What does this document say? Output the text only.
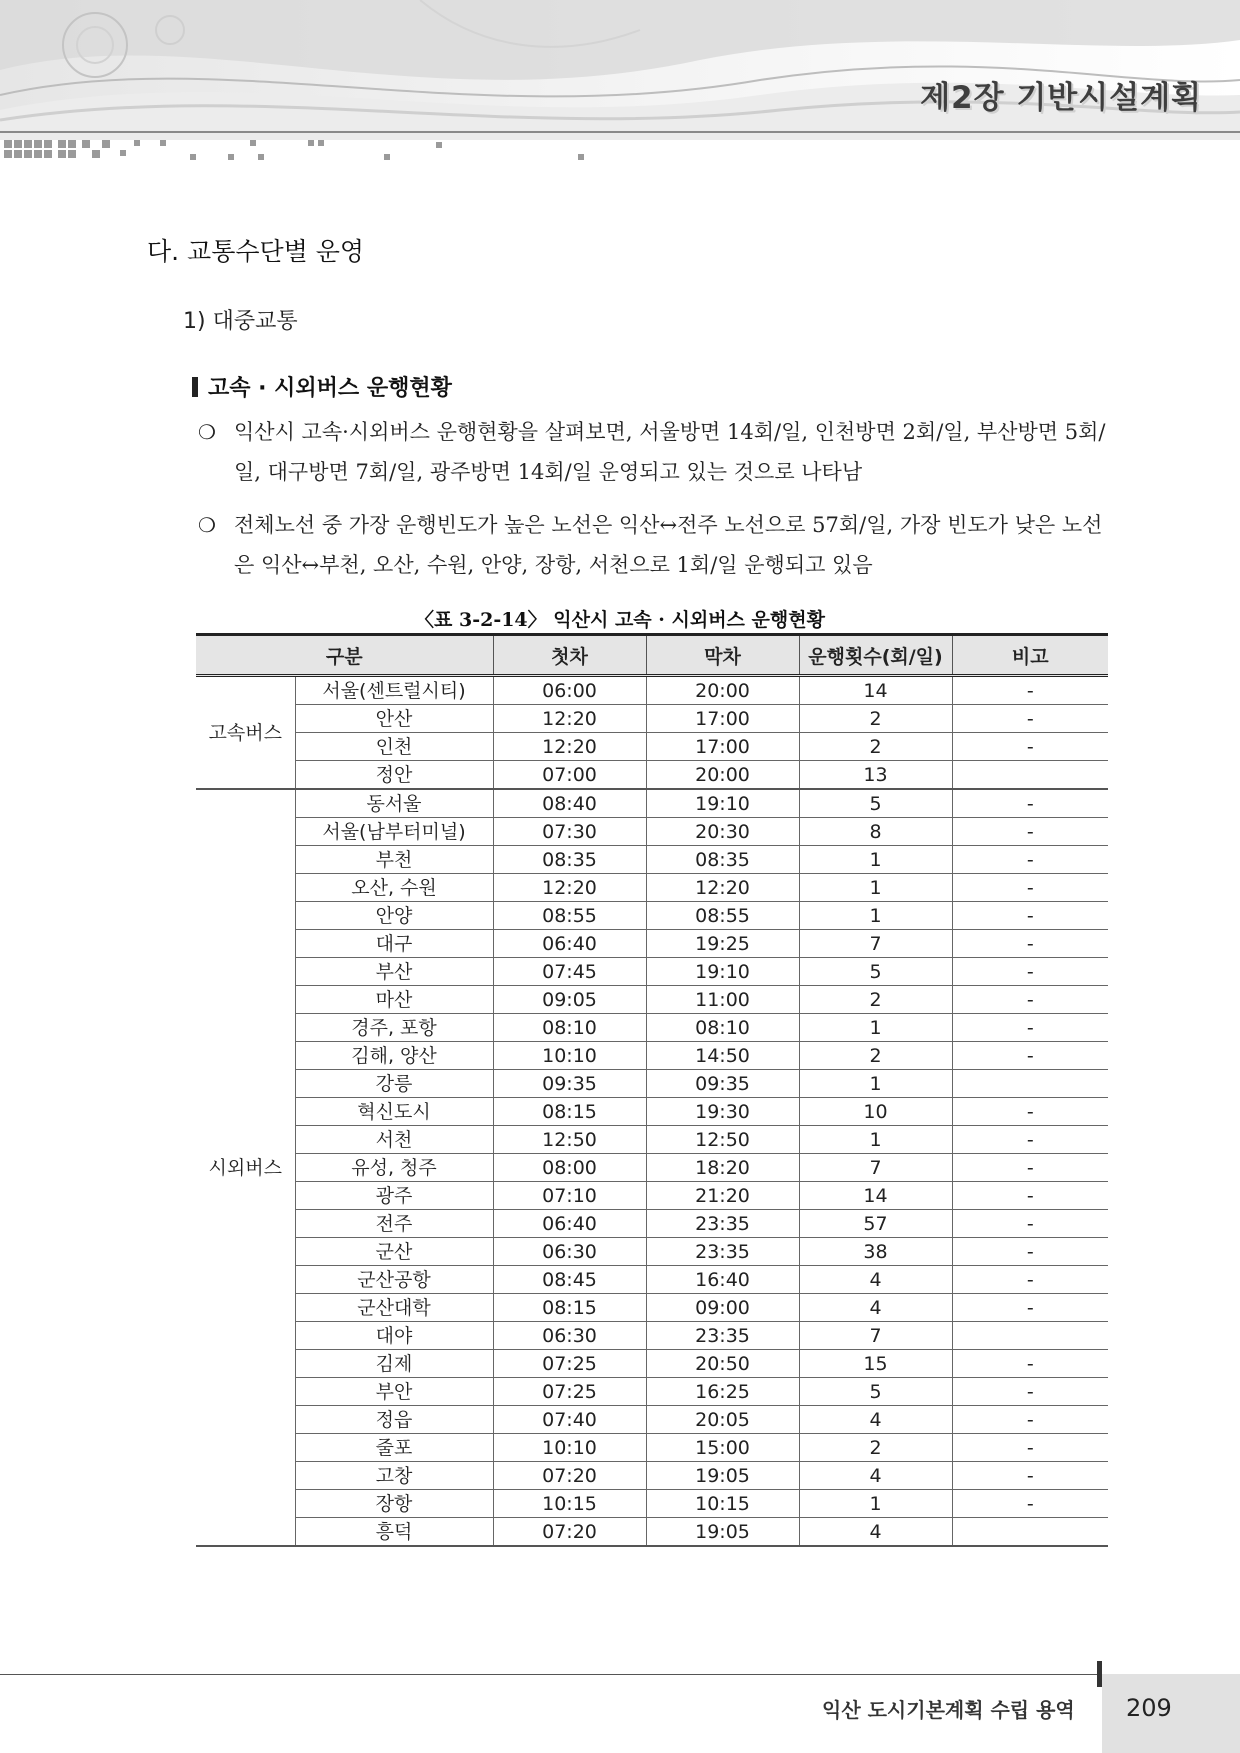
제2장 기반시설계획
다. 교통수단별 운영
1) 대중교통
고속 · 시외버스 운행현황
❍ 익산시 고속·시외버스 운행현황을 살펴보면, 서울방면 14회/일, 인천방면 2회/일, 부산방면 5회/일, 대구방면 7회/일, 광주방면 14회/일 운영되고 있는 것으로 나타남
❍ 전체노선 중 가장 운행빈도가 높은 노선은 익산↔전주 노선으로 57회/일, 가장 빈도가 낮은 노선은 익산↔부천, 오산, 수원, 안양, 장항, 서천으로 1회/일 운행되고 있음
〈표 3-2-14〉 익산시 고속 · 시외버스 운행현황
구분		첫차	막차	운행횟수(회/일)	비고
고속버스	서울(센트럴시티)	06:00	20:00	14	-
	안산	12:20	17:00	2	-
	인천	12:20	17:00	2	-
	정안	07:00	20:00	13	
시외버스	동서울	08:40	19:10	5	-
	서울(남부터미널)	07:30	20:30	8	-
	부천	08:35	08:35	1	-
	오산, 수원	12:20	12:20	1	-
	안양	08:55	08:55	1	-
	대구	06:40	19:25	7	-
	부산	07:45	19:10	5	-
	마산	09:05	11:00	2	-
	경주, 포항	08:10	08:10	1	-
	김해, 양산	10:10	14:50	2	-
	강릉	09:35	09:35	1	
	혁신도시	08:15	19:30	10	-
	서천	12:50	12:50	1	-
	유성, 청주	08:00	18:20	7	-
	광주	07:10	21:20	14	-
	전주	06:40	23:35	57	-
	군산	06:30	23:35	38	-
	군산공항	08:45	16:40	4	-
	군산대학	08:15	09:00	4	-
	대야	06:30	23:35	7	
	김제	07:25	20:50	15	-
	부안	07:25	16:25	5	-
	정읍	07:40	20:05	4	-
	줄포	10:10	15:00	2	-
	고창	07:20	19:05	4	-
	장항	10:15	10:15	1	-
	흥덕	07:20	19:05	4	
익산 도시기본계획 수립 용역 209
